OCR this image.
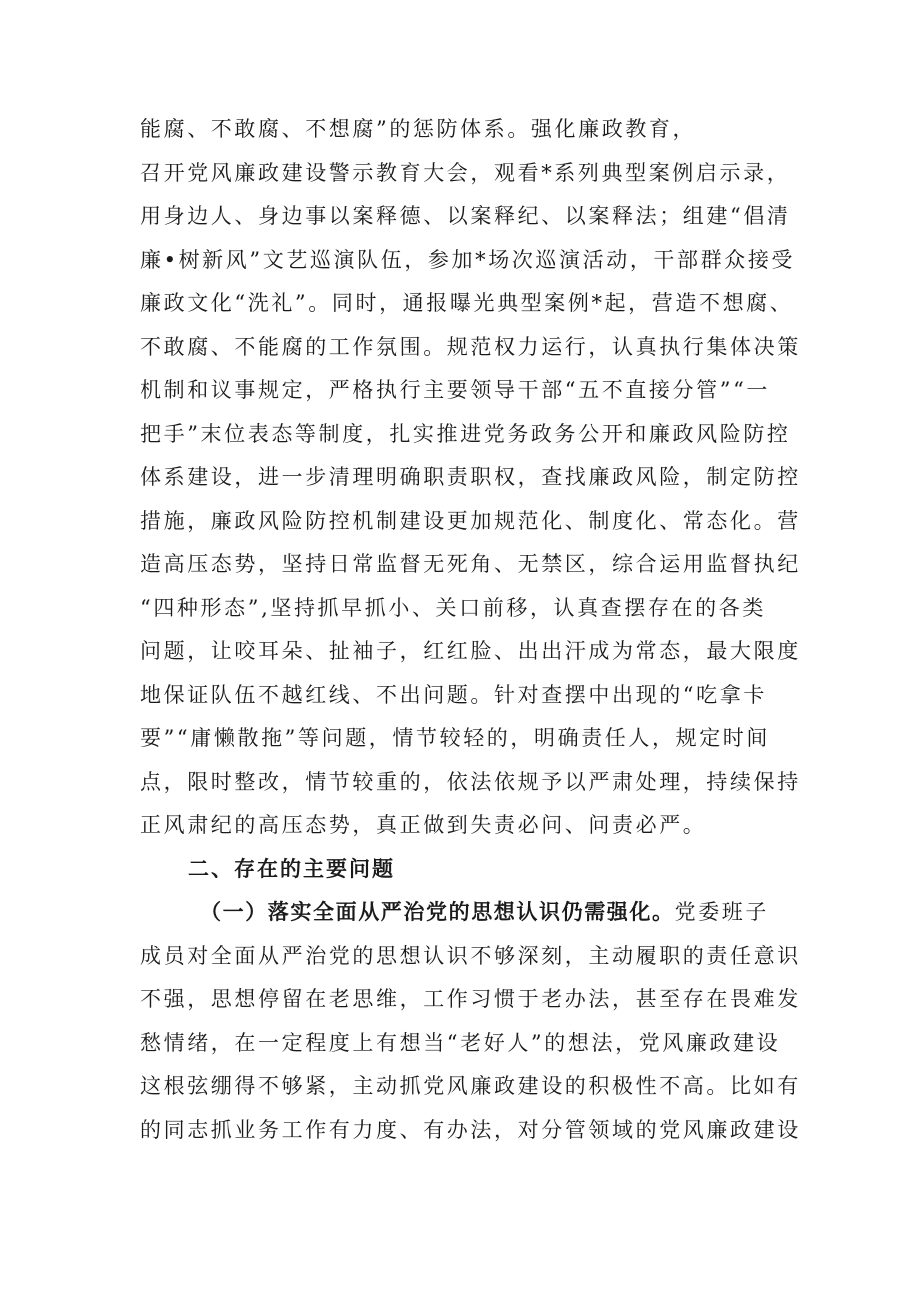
能腐、不敢腐、不想腐”的惩防体系。强化廉政教育，
召开党风廉政建设警示教育大会，观看*系列典型案例启示录，
用身边人、身边事以案释德、以案释纪、以案释法；组建“倡清
廉•树新风”文艺巡演队伍，参加*场次巡演活动，干部群众接受
廉政文化“洗礼”。同时，通报曝光典型案例*起，营造不想腐、
不敢腐、不能腐的工作氛围。规范权力运行，认真执行集体决策
机制和议事规定，严格执行主要领导干部“五不直接分管”“一
把手”末位表态等制度，扎实推进党务政务公开和廉政风险防控
体系建设，进一步清理明确职责职权，查找廉政风险，制定防控
措施，廉政风险防控机制建设更加规范化、制度化、常态化。营
造高压态势，坚持日常监督无死角、无禁区，综合运用监督执纪
“四种形态”,坚持抓早抓小、关口前移，认真查摆存在的各类
问题，让咬耳朵、扯袖子，红红脸、出出汗成为常态，最大限度
地保证队伍不越红线、不出问题。针对查摆中出现的“吃拿卡
要”“庸懒散拖”等问题，情节较轻的，明确责任人，规定时间
点，限时整改，情节较重的，依法依规予以严肃处理，持续保持
正风肃纪的高压态势，真正做到失责必问、问责必严。
二、存在的主要问题
（一）落实全面从严治党的思想认识仍需强化。党委班子
成员对全面从严治党的思想认识不够深刻，主动履职的责任意识
不强，思想停留在老思维，工作习惯于老办法，甚至存在畏难发
愁情绪，在一定程度上有想当“老好人”的想法，党风廉政建设
这根弦绷得不够紧，主动抓党风廉政建设的积极性不高。比如有
的同志抓业务工作有力度、有办法，对分管领域的党风廉政建设
